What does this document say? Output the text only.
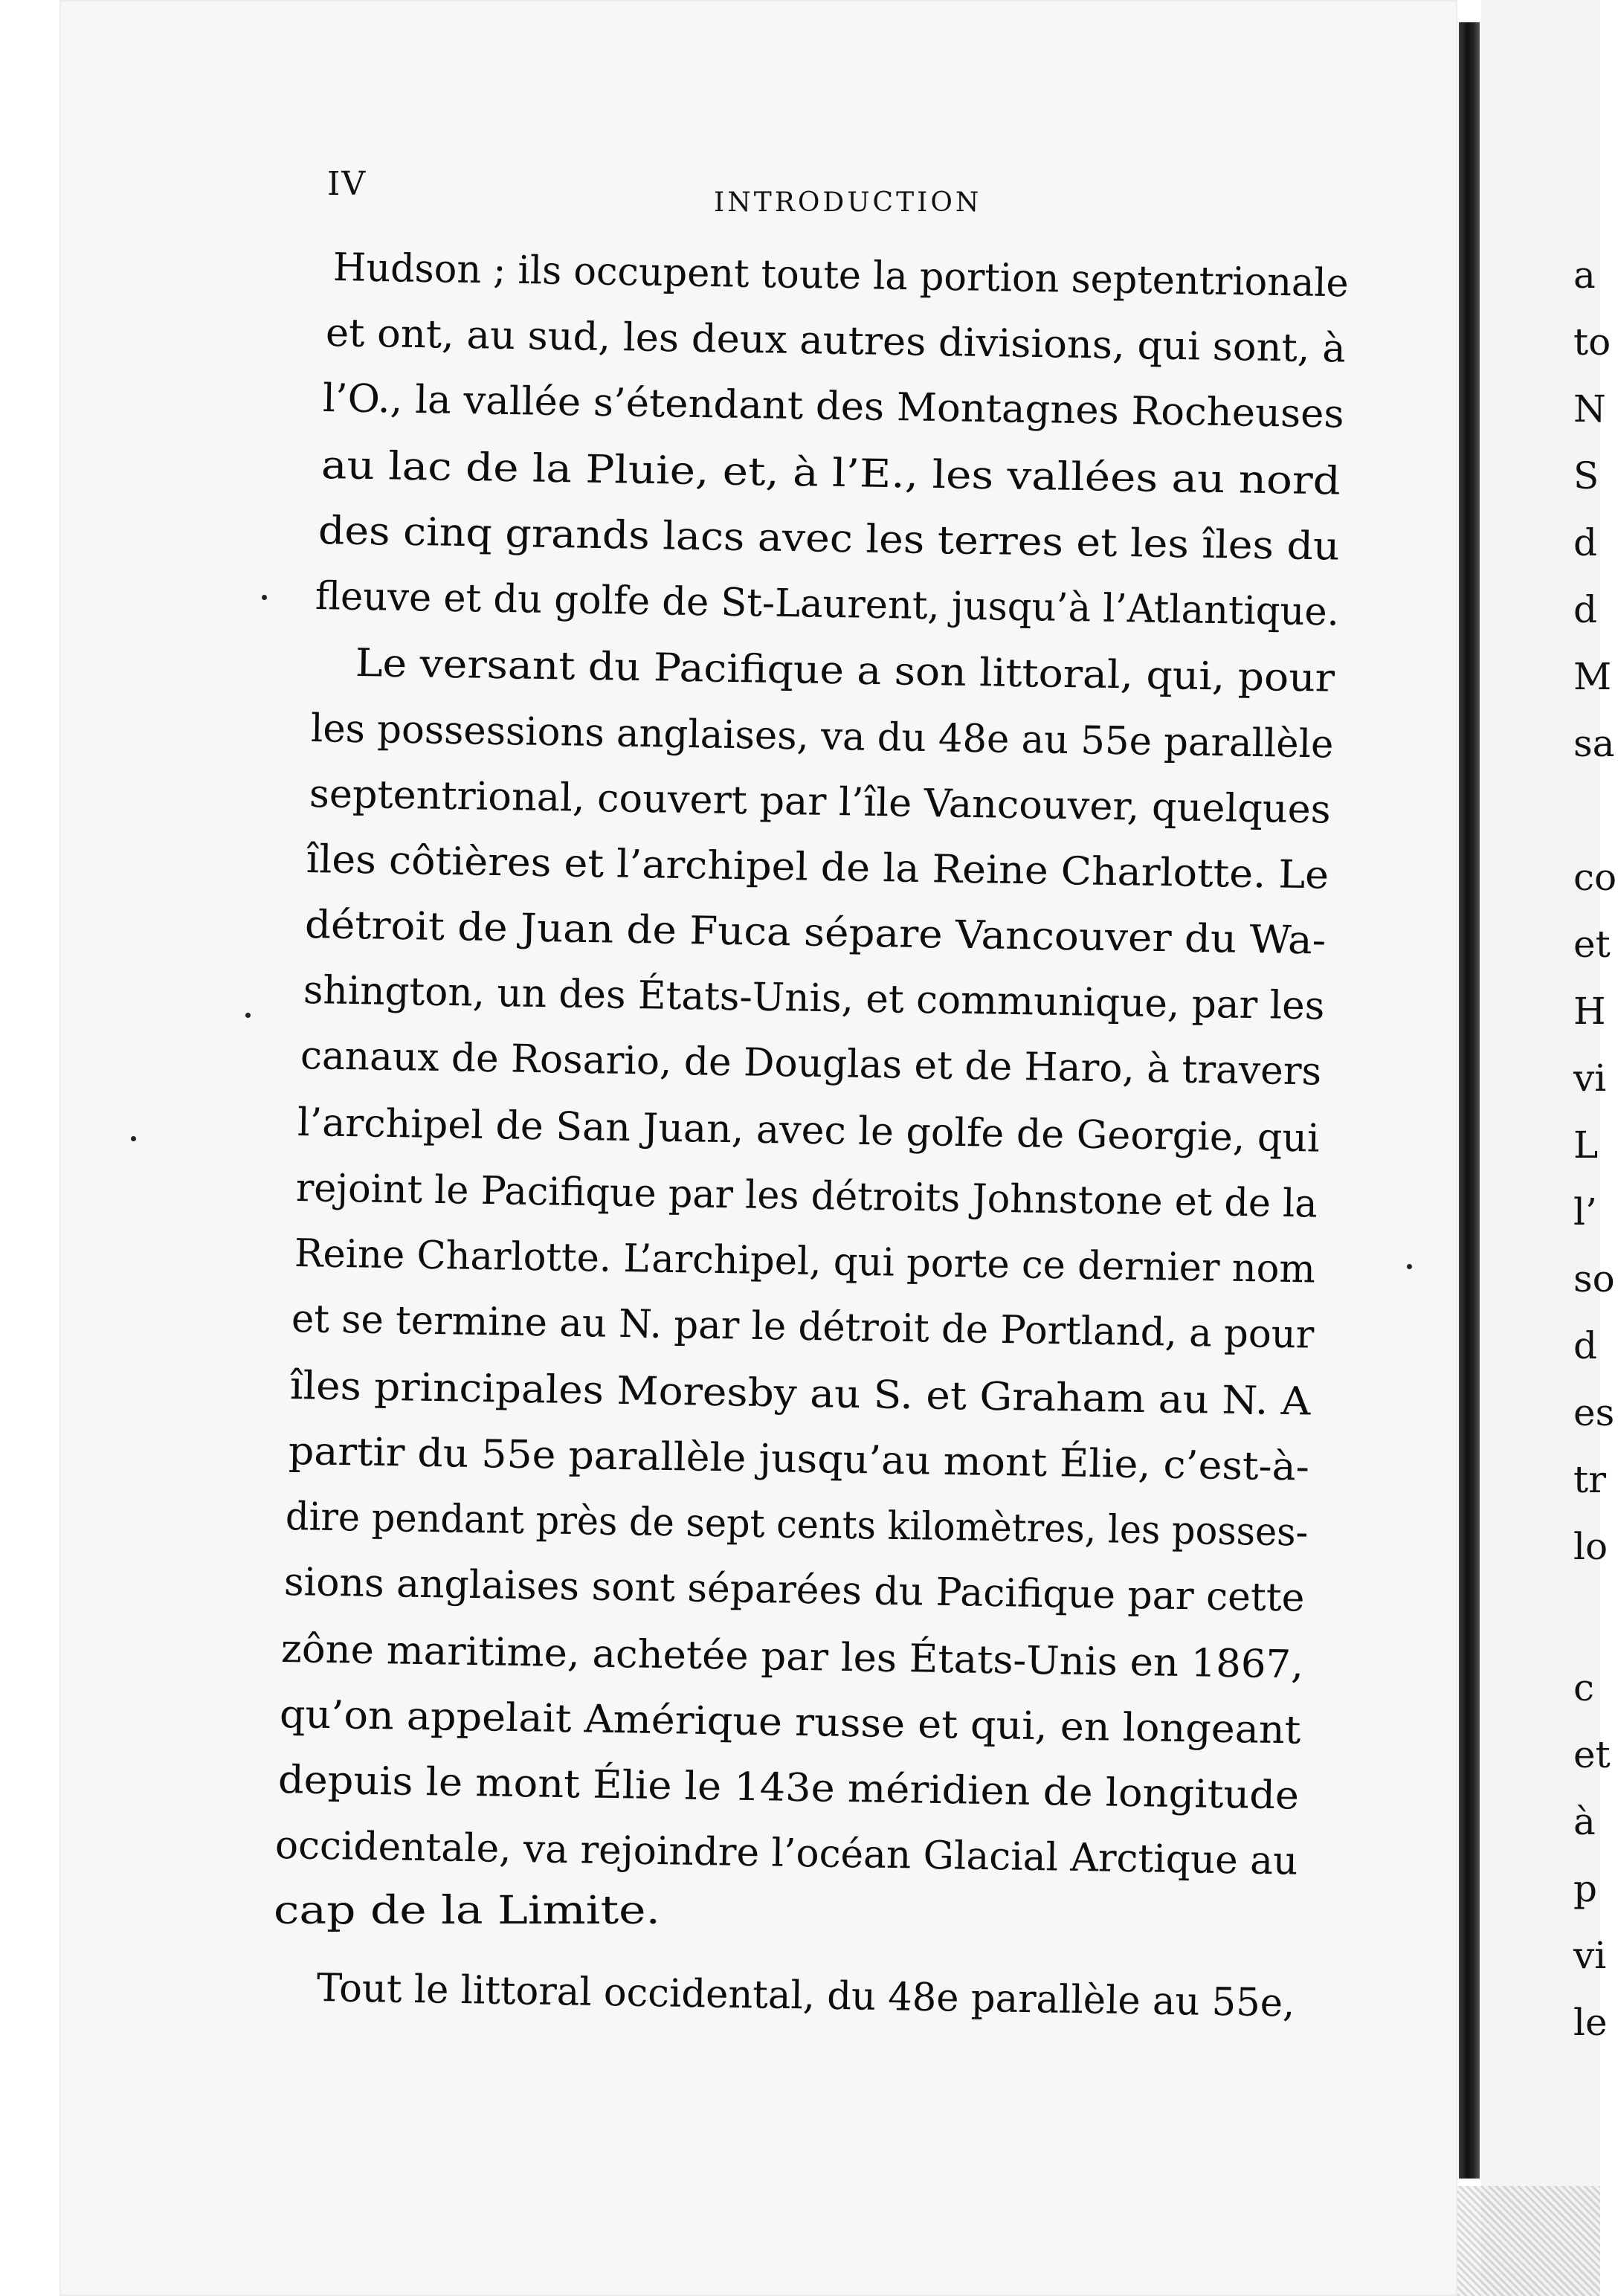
IV	INTRODUCTION
Hudson ; ils occupent toute la portion septentrionale
et ont, au sud, les deux autres divisions, qui sont, à
l’O., la vallée s’étendant des Montagnes Rocheuses
au lac de la Pluie, et, à l’E., les vallées au nord
des cinq grands lacs avec les terres et les îles du
fleuve et du golfe de St-Laurent, jusqu’à l’Atlantique.
Le versant du Pacifique a son littoral, qui, pour
les possessions anglaises, va du 48e au 55e parallèle
septentrional, couvert par l’île Vancouver, quelques
îles côtières et l’archipel de la Reine Charlotte. Le
détroit de Juan de Fuca sépare Vancouver du Wa-
shington, un des États-Unis, et communique, par les
canaux de Rosario, de Douglas et de Haro, à travers
l’archipel de San Juan, avec le golfe de Georgie, qui
rejoint le Pacifique par les détroits Johnstone et de la
Reine Charlotte. L’archipel, qui porte ce dernier nom
et se termine au N. par le détroit de Portland, a pour
îles principales Moresby au S. et Graham au N. A
partir du 55e parallèle jusqu’au mont Élie, c’est-à-
dire pendant près de sept cents kilomètres, les posses-
sions anglaises sont séparées du Pacifique par cette
zône maritime, achetée par les États-Unis en 1867,
qu’on appelait Amérique russe et qui, en longeant
depuis le mont Élie le 143e méridien de longitude
occidentale, va rejoindre l’océan Glacial Arctique au
cap de la Limite.
Tout le littoral occidental, du 48e parallèle au 55e,
a
to
N
S
d
d
M
sa
co
et
H
vi
L
l’
so
d
es
tr
lo
c
et
à
p
vi
le
